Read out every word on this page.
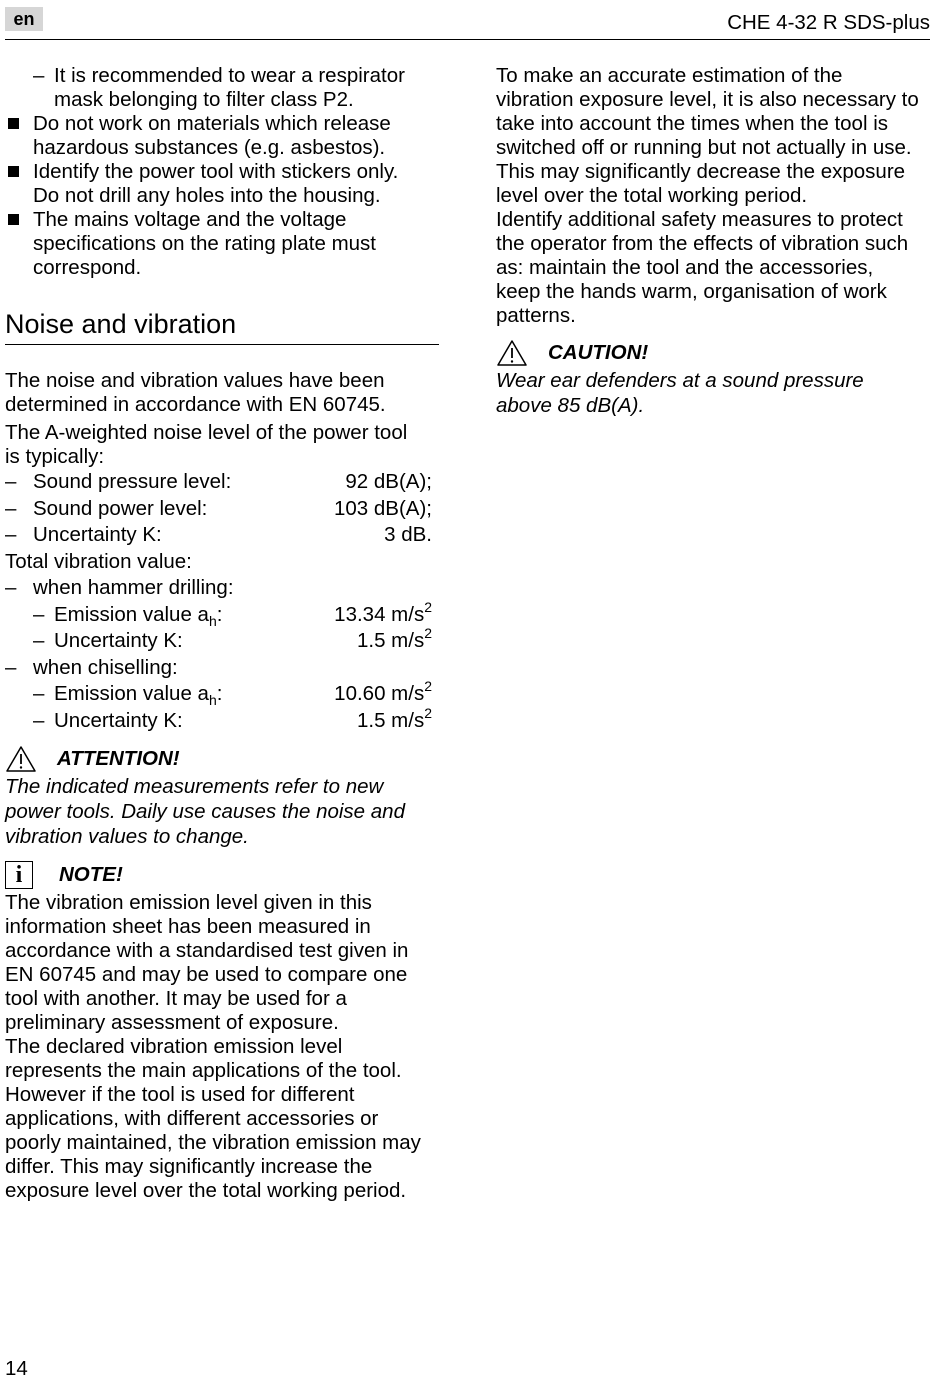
en	CHE 4-32 R SDS-plus
– It is recommended to wear a respirator
mask belonging to filter class P2.
Do not work on materials which release
hazardous substances (e.g. asbestos).
Identify the power tool with stickers only.
Do not drill any holes into the housing.
The mains voltage and the voltage
specifications on the rating plate must
correspond.
Noise and vibration
The noise and vibration values have been
determined in accordance with EN 60745.
The A-weighted noise level of the power tool
is typically:
– Sound pressure level:	92 dB(A);
– Sound power level:	103 dB(A);
– Uncertainty K:	3 dB.
Total vibration value:
– when hammer drilling:
– Emission value $a_h$:	13.34 $m/s^2$
– Uncertainty K:	1.5 $m/s^2$
– when chiselling:
– Emission value $a_h$:	10.60 $m/s^2$
– Uncertainty K:	1.5 $m/s^2$
ATTENTION!
The indicated measurements refer to new
power tools. Daily use causes the noise and
vibration values to change.
i	NOTE!
The vibration emission level given in this
information sheet has been measured in
accordance with a standardised test given in
EN 60745 and may be used to compare one
tool with another. It may be used for a
preliminary assessment of exposure.
The declared vibration emission level
represents the main applications of the tool.
However if the tool is used for different
applications, with different accessories or
poorly maintained, the vibration emission may
differ. This may significantly increase the
exposure level over the total working period.
To make an accurate estimation of the
vibration exposure level, it is also necessary to
take into account the times when the tool is
switched off or running but not actually in use.
This may significantly decrease the exposure
level over the total working period.
Identify additional safety measures to protect
the operator from the effects of vibration such
as: maintain the tool and the accessories,
keep the hands warm, organisation of work
patterns.
CAUTION!
Wear ear defenders at a sound pressure
above 85 dB(A).
14
